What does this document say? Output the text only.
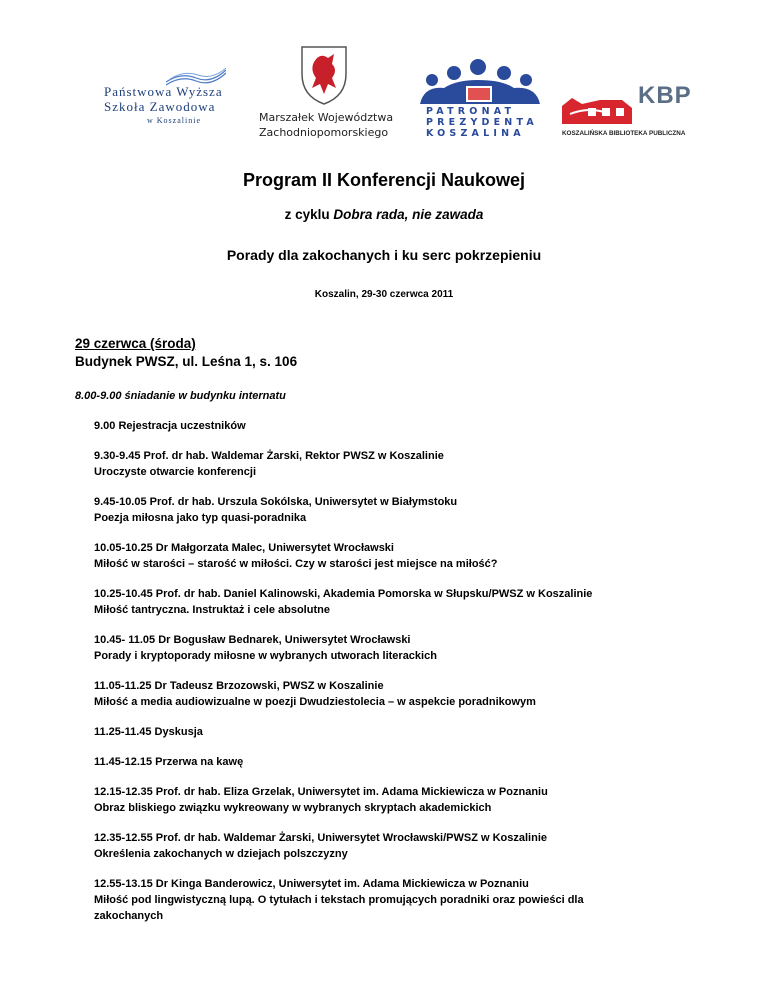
Państwowa Wyższa
Szkoła Zawodowa
w Koszalinie	Marszałek Województwa
Zachodniopomorskiego
PATRONAT
PREZYDENTA
KOSZALINA
KBP
KOSZALIŃSKA BIBLIOTEKA PUBLICZNA
Program II Konferencji Naukowej
z cyklu Dobra rada, nie zawada
Porady dla zakochanych i ku serc pokrzepieniu
Koszalin, 29-30 czerwca 2011
29 czerwca (środa)
Budynek PWSZ, ul. Leśna 1, s. 106
8.00-9.00 śniadanie w budynku internatu
9.00 Rejestracja uczestników
9.30-9.45 Prof. dr hab. Waldemar Żarski, Rektor PWSZ w Koszalinie
Uroczyste otwarcie konferencji
9.45-10.05 Prof. dr hab. Urszula Sokólska, Uniwersytet w Białymstoku
Poezja miłosna jako typ quasi-poradnika
10.05-10.25 Dr Małgorzata Malec, Uniwersytet Wrocławski
Miłość w starości – starość w miłości. Czy w starości jest miejsce na miłość?
10.25-10.45 Prof. dr hab. Daniel Kalinowski, Akademia Pomorska w Słupsku/PWSZ w Koszalinie
Miłość tantryczna. Instruktaż i cele absolutne
10.45- 11.05 Dr Bogusław Bednarek, Uniwersytet Wrocławski
Porady i kryptoporady miłosne w wybranych utworach literackich
11.05-11.25 Dr Tadeusz Brzozowski, PWSZ w Koszalinie
Miłość a media audiowizualne w poezji Dwudziestolecia – w aspekcie poradnikowym
11.25-11.45 Dyskusja
11.45-12.15 Przerwa na kawę
12.15-12.35 Prof. dr hab. Eliza Grzelak, Uniwersytet im. Adama Mickiewicza w Poznaniu
Obraz bliskiego związku wykreowany w wybranych skryptach akademickich
12.35-12.55 Prof. dr hab. Waldemar Żarski, Uniwersytet Wrocławski/PWSZ w Koszalinie
Określenia zakochanych w dziejach polszczyzny
12.55-13.15 Dr Kinga Banderowicz, Uniwersytet im. Adama Mickiewicza w Poznaniu
Miłość pod lingwistyczną lupą. O tytułach i tekstach promujących poradniki oraz powieści dla zakochanych
